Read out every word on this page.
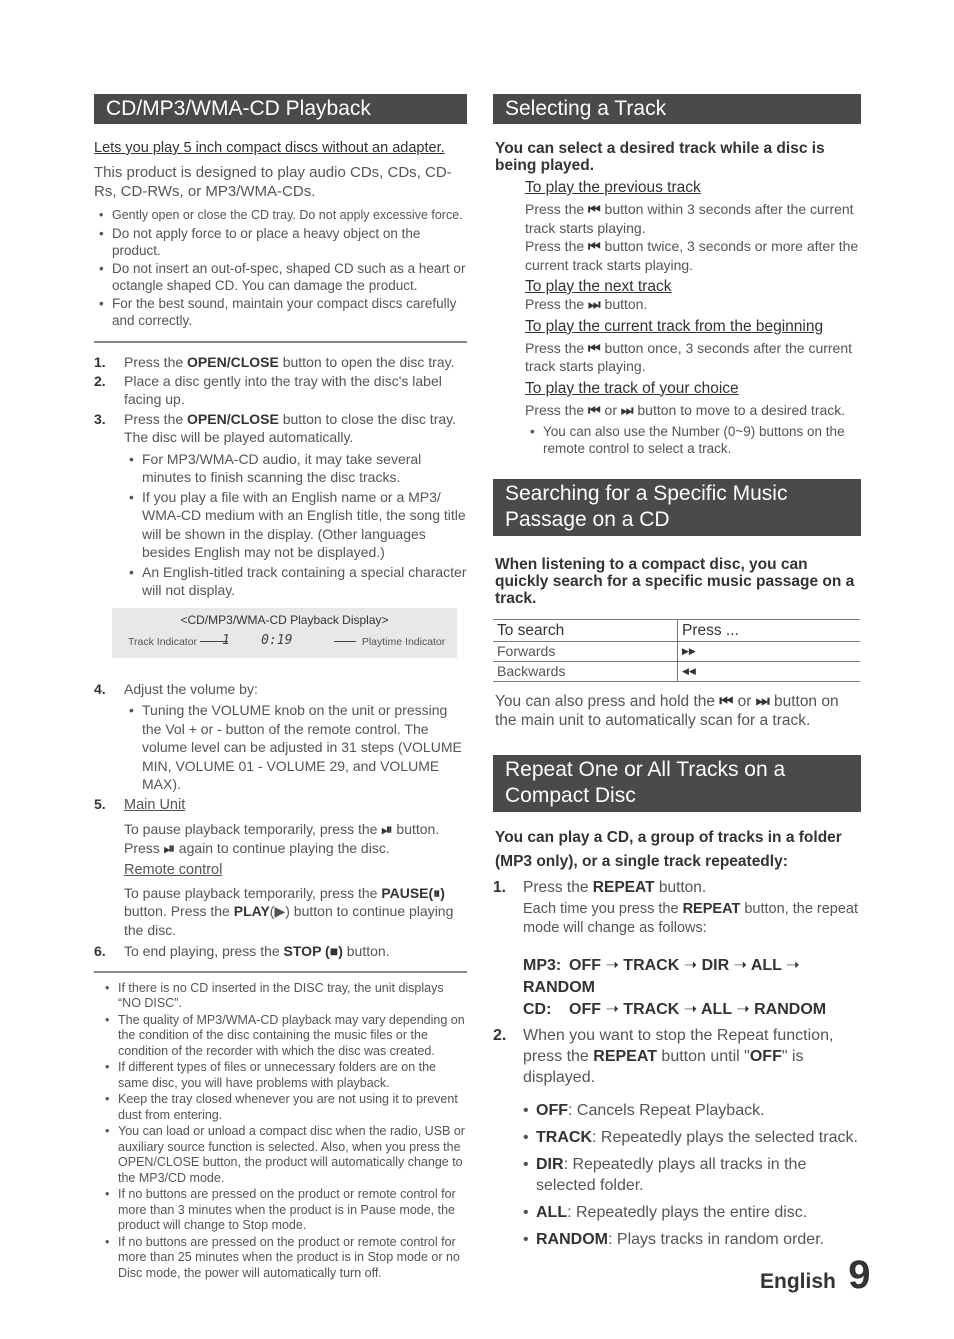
CD/MP3/WMA-CD Playback
Lets you play 5 inch compact discs without an adapter.

This product is designed to play audio CDs, CDs, CD-Rs, CD-RWs, or MP3/WMA-CDs.

• Gently open or close the CD tray. Do not apply excessive force.
• Do not apply force to or place a heavy object on the product.
• Do not insert an out-of-spec, shaped CD such as a heart or octangle shaped CD. You can damage the product.
• For the best sound, maintain your compact discs carefully and correctly.
1. Press the OPEN/CLOSE button to open the disc tray.
2. Place a disc gently into the tray with the disc's label facing up.
3. Press the OPEN/CLOSE button to close the disc tray. The disc will be played automatically.
• For MP3/WMA-CD audio, it may take several minutes to finish scanning the disc tracks.
• If you play a file with an English name or a MP3/ WMA-CD medium with an English title, the song title will be shown in the display. (Other languages besides English may not be displayed.)
• An English-titled track containing a special character will not display.
<CD/MP3/WMA-CD Playback Display>
Track Indicator	1 0:19	Playtime Indicator
4. Adjust the volume by:
• Tuning the VOLUME knob on the unit or pressing the Vol + or - button of the remote control. The volume level can be adjusted in 31 steps (VOLUME MIN, VOLUME 01 - VOLUME 29, and VOLUME MAX).
5. Main Unit
To pause playback temporarily, press the ⏯ button. Press ⏯ again to continue playing the disc.
Remote control
To pause playback temporarily, press the PAUSE(⏸) button. Press the PLAY(▶) button to continue playing the disc.
6. To end playing, press the STOP (■) button.
• If there is no CD inserted in the DISC tray, the unit displays “NO DISC”.
• The quality of MP3/WMA-CD playback may vary depending on the condition of the disc containing the music files or the condition of the recorder with which the disc was created.
• If different types of files or unnecessary folders are on the same disc, you will have problems with playback.
• Keep the tray closed whenever you are not using it to prevent dust from entering.
• You can load or unload a compact disc when the radio, USB or auxiliary source function is selected. Also, when you press the OPEN/CLOSE button, the product will automatically change to the MP3/CD mode.
• If no buttons are pressed on the product or remote control for more than 3 minutes when the product is in Pause mode, the product will change to Stop mode.
• If no buttons are pressed on the product or remote control for more than 25 minutes when the product is in Stop mode or no Disc mode, the power will automatically turn off.
Selecting a Track
You can select a desired track while a disc is being played.
To play the previous track

Press the ⏮ button within 3 seconds after the current track starts playing.

Press the ⏮ button twice, 3 seconds or more after the current track starts playing.

To play the next track

Press the ⏭ button.

To play the current track from the beginning

Press the ⏮ button once, 3 seconds after the current track starts playing.

To play the track of your choice

Press the ⏮ or ⏭ button to move to a desired track.

• You can also use the Number (0~9) buttons on the remote control to select a track.
Searching for a Specific Music Passage on a CD
When listening to a compact disc, you can quickly search for a specific music passage on a track.
To search	Press ...
Forwards	▶▶
Backwards	◀◀

You can also press and hold the ⏮ or ⏭ button on the main unit to automatically scan for a track.

Repeat One or All Tracks on a Compact Disc
You can play a CD, a group of tracks in a folder (MP3 only), or a single track repeatedly:
1. Press the REPEAT button.
Each time you press the REPEAT button, the repeat mode will change as follows:
MP3: OFF ➝ TRACK ➝ DIR ➝ ALL ➝ RANDOM
CD: OFF ➝ TRACK ➝ ALL ➝ RANDOM
2. When you want to stop the Repeat function, press the REPEAT button until "OFF" is displayed.
• OFF: Cancels Repeat Playback.
• TRACK: Repeatedly plays the selected track.
• DIR: Repeatedly plays all tracks in the selected folder.
• ALL: Repeatedly plays the entire disc.
• RANDOM: Plays tracks in random order.
English 9
